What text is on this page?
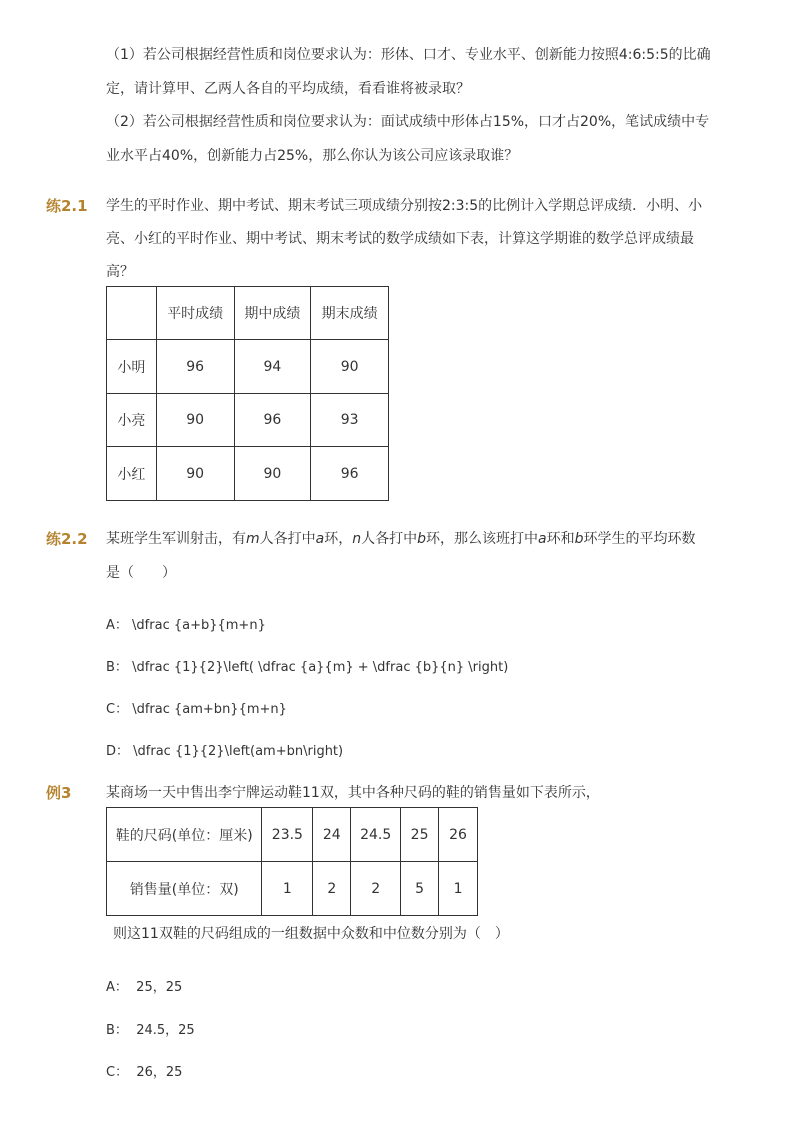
（1）若公司根据经营性质和岗位要求认为：形体、口才、专业水平、创新能力按照4:6:5:5的比确
定，请计算甲、乙两人各自的平均成绩，看看谁将被录取？
（2）若公司根据经营性质和岗位要求认为：面试成绩中形体占15%，口才占20%，笔试成绩中专
业水平占40%，创新能力占25%，那么你认为该公司应该录取谁？
练2.1 学生的平时作业、期中考试、期末考试三项成绩分别按2:3:5的比例计入学期总评成绩．小明、小
亮、小红的平时作业、期中考试、期末考试的数学成绩如下表，计算这学期谁的数学总评成绩最
高？
	平时成绩	期中成绩	期末成绩
小明	96	94	90
小亮	90	96	93
小红	90	90	96
练2.2 某班学生军训射击，有m人各打中a环，n人各打中b环，那么该班打中a环和b环学生的平均环数
是（　　）
A： \dfrac {a+b}{m+n}
B： \dfrac {1}{2}\left( \dfrac {a}{m} + \dfrac {b}{n} \right)
C： \dfrac {am+bn}{m+n}
D： \dfrac {1}{2}\left(am+bn\right)
例3 某商场一天中售出李宁牌运动鞋11双，其中各种尺码的鞋的销售量如下表所示，
鞋的尺码(单位：厘米)	23.5	24	24.5	25	26
销售量(单位：双)	1	2	2	5	1
则这11双鞋的尺码组成的一组数据中众数和中位数分别为（　）
A： 25，25
B： 24.5，25
C： 26，25
